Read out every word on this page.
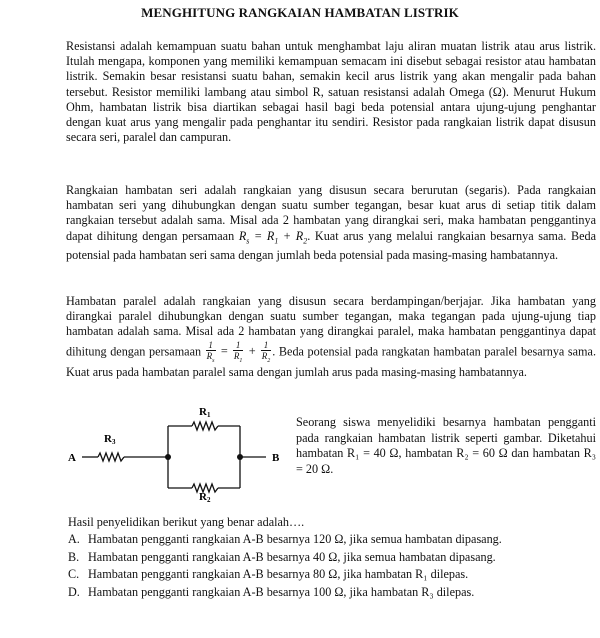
MENGHITUNG RANGKAIAN HAMBATAN LISTRIK

Resistansi adalah kemampuan suatu bahan untuk menghambat laju aliran muatan listrik atau arus listrik. Itulah mengapa, komponen yang memiliki kemampuan semacam ini disebut sebagai resistor atau hambatan listrik. Semakin besar resistansi suatu bahan, semakin kecil arus listrik yang akan mengalir pada bahan tersebut. Resistor memiliki lambang atau simbol R, satuan resistansi adalah Omega (Ω). Menurut Hukum Ohm, hambatan listrik bisa diartikan sebagai hasil bagi beda potensial antara ujung-ujung penghantar dengan kuat arus yang mengalir pada penghantar itu sendiri. Resistor pada rangkaian listrik dapat disusun secara seri, paralel dan campuran.

Rangkaian hambatan seri adalah rangkaian yang disusun secara berurutan (segaris). Pada rangkaian hambatan seri yang dihubungkan dengan suatu sumber tegangan, besar kuat arus di setiap titik dalam rangkaian tersebut adalah sama. Misal ada 2 hambatan yang dirangkai seri, maka hambatan penggantinya dapat dihitung dengan persamaan $R_s = R_1 + R_2$. Kuat arus yang melalui rangkaian besarnya sama. Beda potensial pada hambatan seri sama dengan jumlah beda potensial pada masing-masing hambatannya.

Hambatan paralel adalah rangkaian yang disusun secara berdampingan/berjajar. Jika hambatan yang dirangkai paralel dihubungkan dengan suatu sumber tegangan, maka tegangan pada ujung-ujung tiap hambatan adalah sama. Misal ada 2 hambatan yang dirangkai paralel, maka hambatan penggantinya dapat dihitung dengan persamaan $\frac{1}{R_s} = \frac{1}{R_1} + \frac{1}{R_2}$ . Beda potensial pada rangkatan hambatan paralel besarnya sama. Kuat arus pada hambatan paralel sama dengan jumlah arus pada masing-masing hambatannya.

A	B
R1
R2
R3

Seorang siswa menyelidiki besarnya hambatan pengganti pada rangkaian hambatan listrik seperti gambar. Diketahui hambatan R₁ = 40 Ω, hambatan R₂ = 60 Ω dan hambatan R₃ = 20 Ω.

Hasil penyelidikan berikut yang benar adalah….

A. Hambatan pengganti rangkaian A-B besarnya 120 Ω, jika semua hambatan dipasang.
B. Hambatan pengganti rangkaian A-B besarnya 40 Ω, jika semua hambatan dipasang.
C. Hambatan pengganti rangkaian A-B besarnya 80 Ω, jika hambatan R₁ dilepas.
D. Hambatan pengganti rangkaian A-B besarnya 100 Ω, jika hambatan R₃ dilepas.
